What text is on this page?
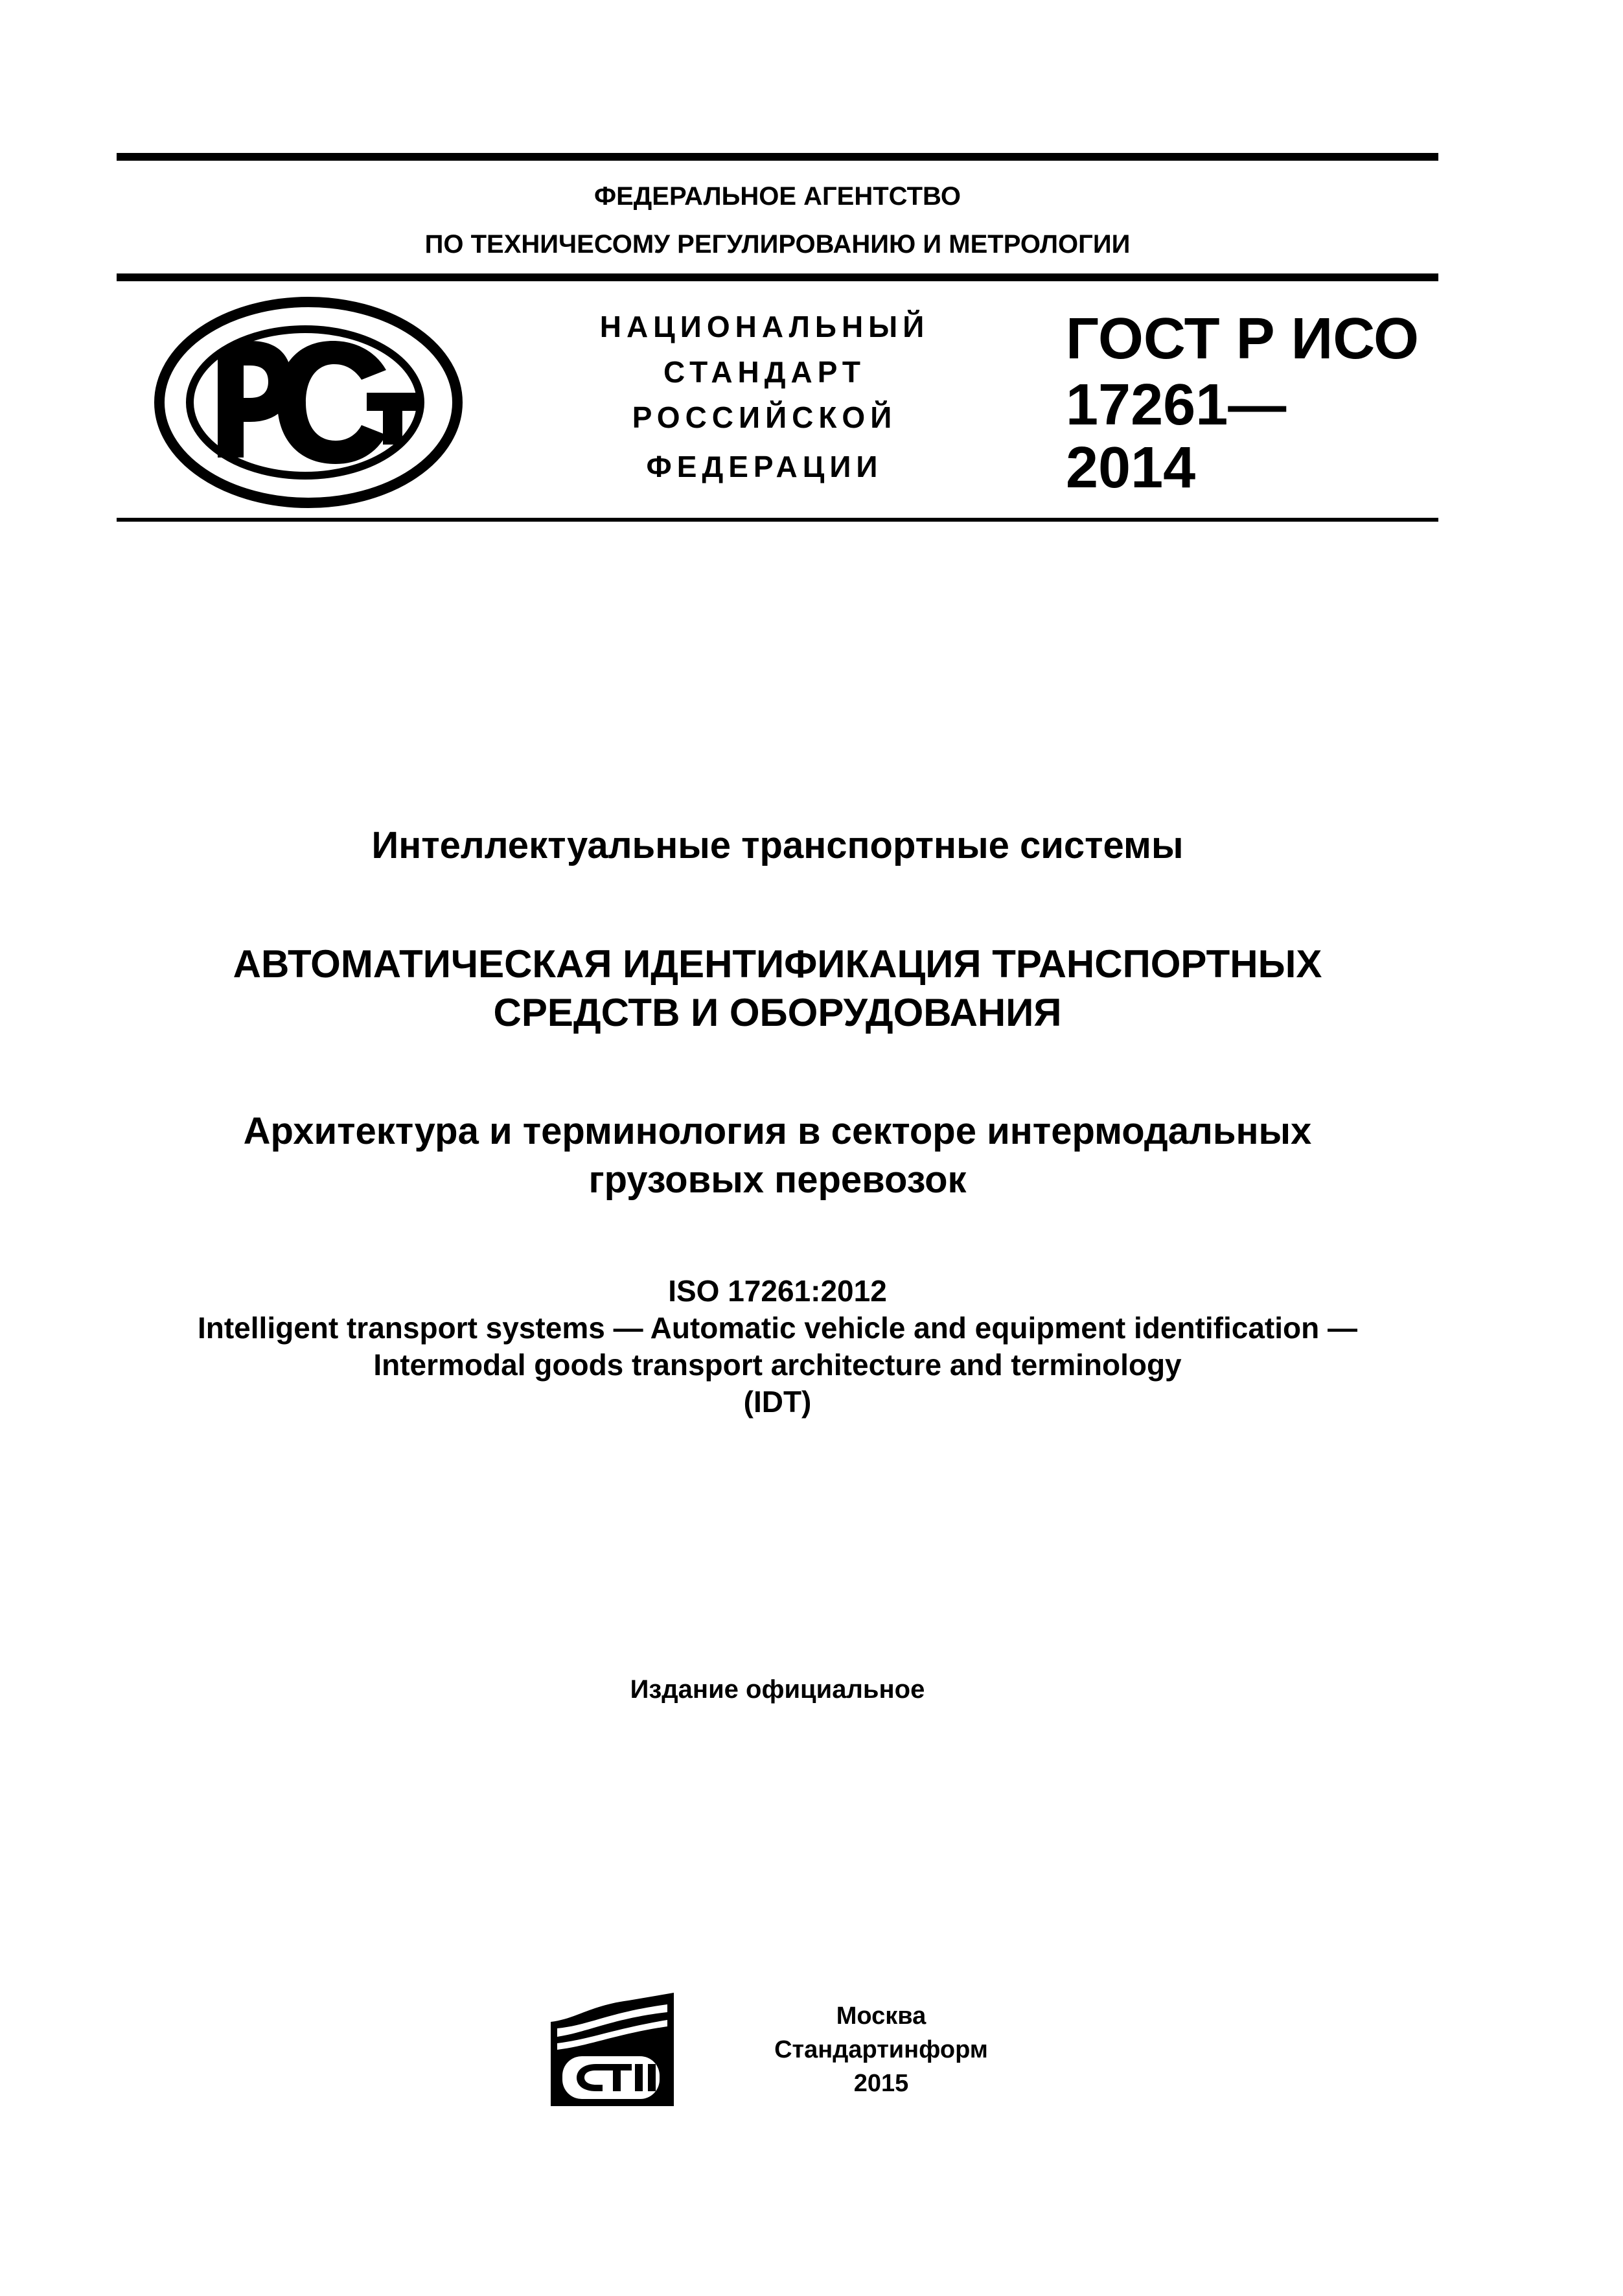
ФЕДЕРАЛЬНОЕ АГЕНТСТВО
ПО ТЕХНИЧЕСОМУ РЕГУЛИРОВАНИЮ И МЕТРОЛОГИИ
НАЦИОНАЛЬНЫЙ
СТАНДАРТ
РОССИЙСКОЙ
ФЕДЕРАЦИИ
ГОСТ Р ИСО
17261—
2014
Интеллектуальные транспортные системы
АВТОМАТИЧЕСКАЯ ИДЕНТИФИКАЦИЯ ТРАНСПОРТНЫХ
СРЕДСТВ И ОБОРУДОВАНИЯ
Архитектура и терминология в секторе интермодальных
грузовых перевозок
ISO 17261:2012
Intelligent transport systems — Automatic vehicle and equipment identification —
Intermodal goods transport architecture and terminology
(IDT)
Издание официальное
Москва
Стандартинформ
2015
